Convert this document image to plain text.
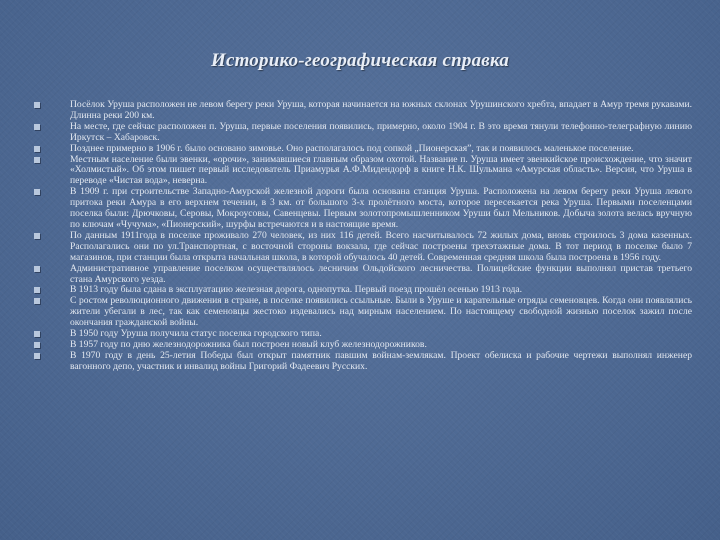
Историко-географическая справка
Посёлок Уруша расположен не левом берегу реки Уруша, которая начинается на южных склонах Урушинского хребта, впадает в Амур тремя рукавами. Длинна реки 200 км.
На месте, где сейчас расположен п. Уруша, первые поселения появились, примерно, около 1904 г. В это время тянули телефонно-телеграфную линию Иркутск – Хабаровск.
Позднее примерно в 1906 г. было основано зимовье. Оно располагалось под сопкой „Пионерская”, так и появилось маленькое поселение.
Местным население были эвенки, «орочи», занимавшиеся главным образом охотой. Название п. Уруша имеет эвенкийское происхождение, что значит «Холмистый». Об этом пишет первый исследователь Приамурья А.Ф.Мидендорф в книге Н.К. Шульмана «Амурская область». Версия, что Уруша в переводе «Чистая вода», неверна.
В 1909 г. при строительстве Западно-Амурской железной дороги была основана станция Уруша. Расположена на левом берегу реки Уруша левого притока реки Амура в его верхнем течении, в 3 км. от большого 3-х пролётного моста, которое пересекается река Уруша. Первыми поселенцами поселка были: Дрючковы, Серовы, Мокроусовы, Савенцевы. Первым золотопромышленником Уруши был Мельников. Добыча золота велась вручную по ключам «Чучума», «Пионерский», шурфы встречаются и в настоящие время.
По данным 1911года в поселке проживало 270 человек, из них 116 детей. Всего насчитывалось 72 жилых дома, вновь строилось 3 дома казенных. Располагались они по ул.Транспортная, с восточной стороны вокзала, где сейчас построены трехэтажные дома. В тот период в поселке было 7 магазинов, при станции была открыта начальная школа, в которой обучалось 40 детей. Современная средняя школа была построена в 1956 году.
Административное управление поселком осуществлялось лесничим Ольдойского лесничества. Полицейские функции выполнял пристав третьего стана Амурского уезда.
В 1913 году была сдана в эксплуатацию железная дорога, однопутка. Первый поезд прошёл осенью 1913 года.
С ростом революционного движения в стране, в поселке появились ссыльные. Были в Уруше и карательные отряды семеновцев. Когда они появлялись жители убегали в лес, так как семеновцы жестоко издевались над мирным населением. По настоящему свободной жизнью поселок зажил после окончания гражданской войны.
В 1950 году Уруша получила статус поселка городского типа.
В 1957 году по дню железнодорожника был построен новый клуб железнодорожников.
В 1970 году в день 25-летия Победы был открыт памятник павшим войнам-землякам. Проект обелиска и рабочие чертежи выполнял инженер вагонного депо, участник и инвалид войны Григорий Фадеевич Русских.
